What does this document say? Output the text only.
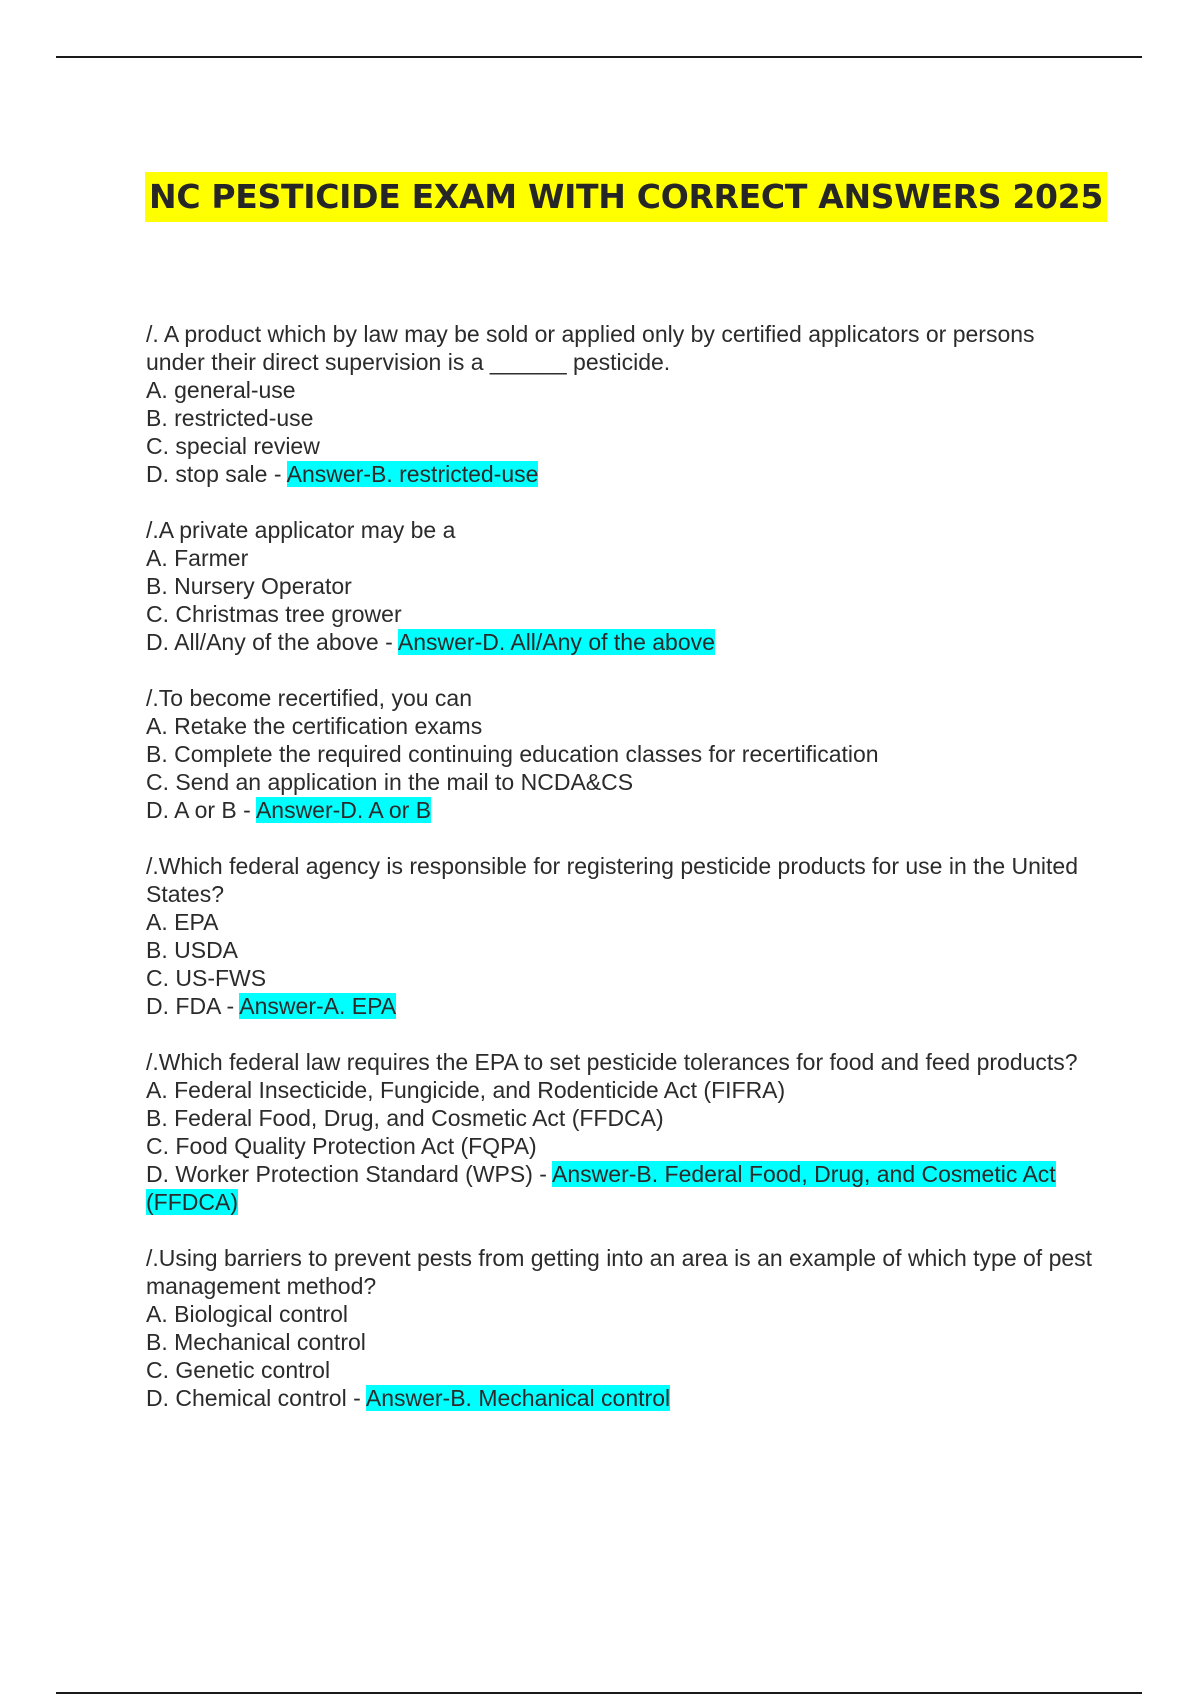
NC PESTICIDE EXAM WITH CORRECT ANSWERS 2025
/. A product which by law may be sold or applied only by certified applicators or persons under their direct supervision is a ______ pesticide.
A. general-use
B. restricted-use
C. special review
D. stop sale - Answer-B. restricted-use
/.A private applicator may be a
A. Farmer
B. Nursery Operator
C. Christmas tree grower
D. All/Any of the above - Answer-D. All/Any of the above
/.To become recertified, you can
A. Retake the certification exams
B. Complete the required continuing education classes for recertification
C. Send an application in the mail to NCDA&CS
D. A or B - Answer-D. A or B
/.Which federal agency is responsible for registering pesticide products for use in the United States?
A. EPA
B. USDA
C. US-FWS
D. FDA - Answer-A. EPA
/.Which federal law requires the EPA to set pesticide tolerances for food and feed products?
A. Federal Insecticide, Fungicide, and Rodenticide Act (FIFRA)
B. Federal Food, Drug, and Cosmetic Act (FFDCA)
C. Food Quality Protection Act (FQPA)
D. Worker Protection Standard (WPS) - Answer-B. Federal Food, Drug, and Cosmetic Act (FFDCA)
/.Using barriers to prevent pests from getting into an area is an example of which type of pest management method?
A. Biological control
B. Mechanical control
C. Genetic control
D. Chemical control - Answer-B. Mechanical control
